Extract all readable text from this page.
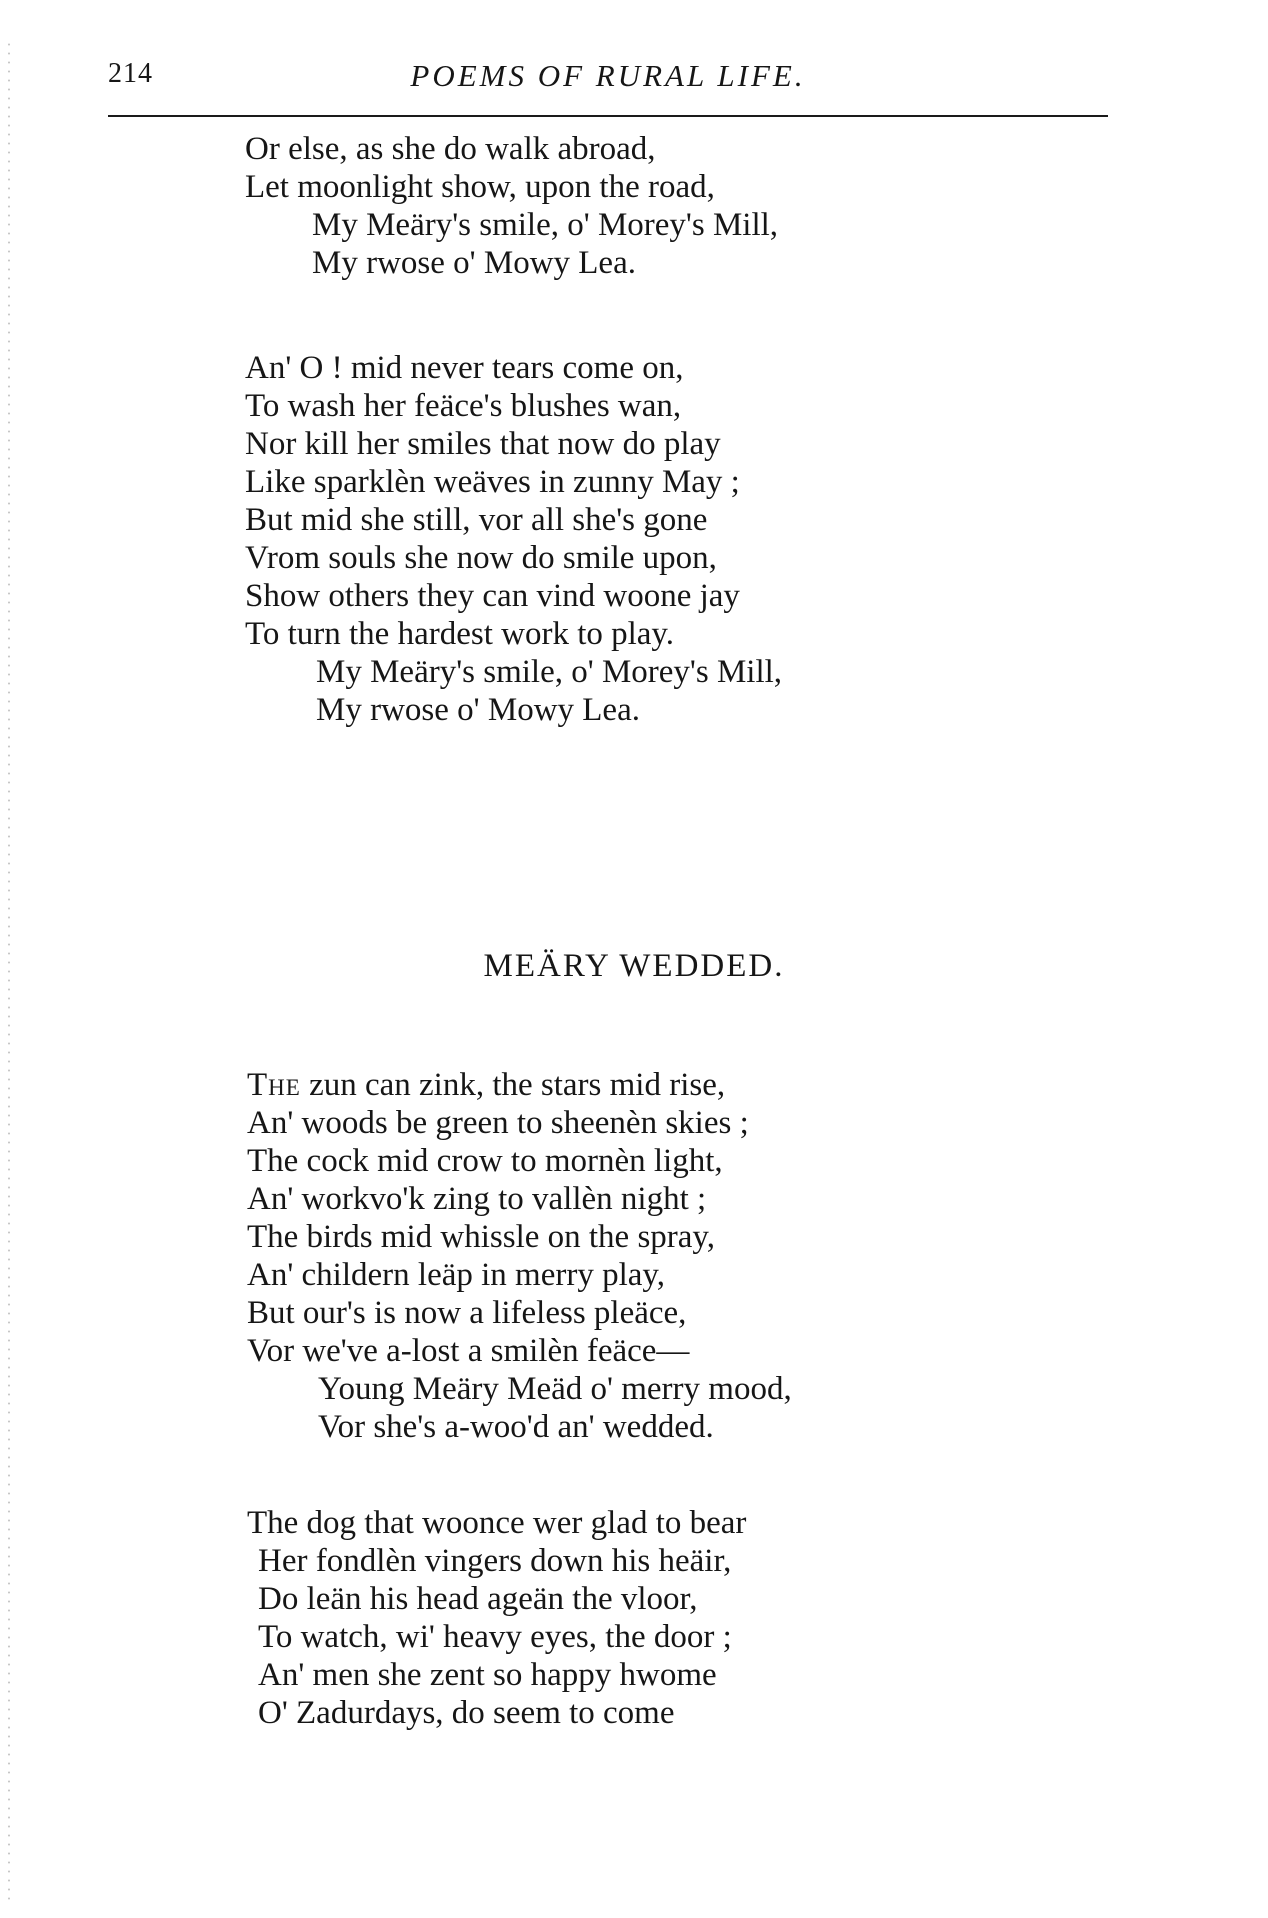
214	POEMS OF RURAL LIFE.
Or else, as she do walk abroad,
Let moonlight show, upon the road,
My Meäry's smile, o' Morey's Mill,
My rwose o' Mowy Lea.
An' O ! mid never tears come on,
To wash her feäce's blushes wan,
Nor kill her smiles that now do play
Like sparklèn weäves in zunny May ;
But mid she still, vor all she's gone
Vrom souls she now do smile upon,
Show others they can vind woone jay
To turn the hardest work to play.
My Meäry's smile, o' Morey's Mill,
My rwose o' Mowy Lea.
MEÄRY WEDDED.
The zun can zink, the stars mid rise,
An' woods be green to sheenèn skies ;
The cock mid crow to mornèn light,
An' workvo'k zing to vallèn night ;
The birds mid whissle on the spray,
An' childern leäp in merry play,
But our's is now a lifeless pleäce,
Vor we've a-lost a smilèn feäce—
Young Meäry Meäd o' merry mood,
Vor she's a-woo'd an' wedded.
The dog that woonce wer glad to bear
Her fondlèn vingers down his heäir,
Do leän his head ageän the vloor,
To watch, wi' heavy eyes, the door ;
An' men she zent so happy hwome
O' Zadurdays, do seem to come
